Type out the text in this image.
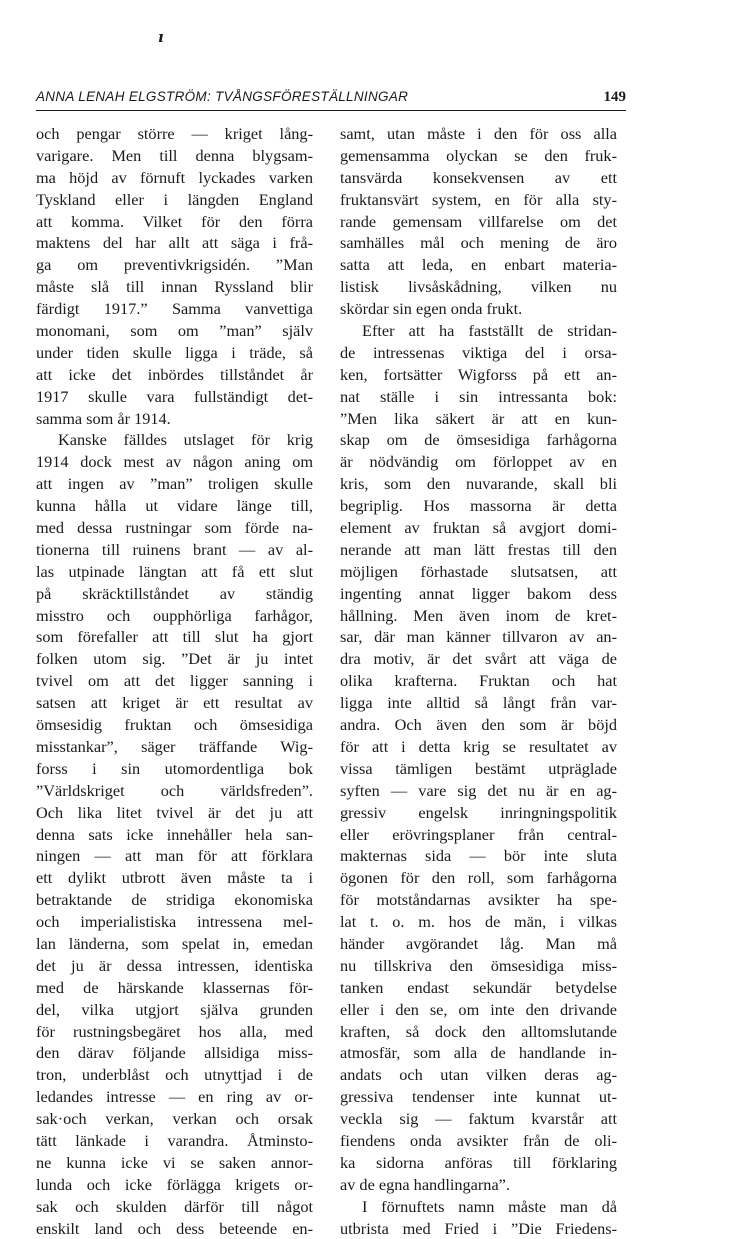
ı
ANNA LENAH ELGSTRÖM: TVÅNGSFÖRESTÄLLNINGAR	149
och pengar större — kriget lång-
varigare. Men till denna blygsam-
ma höjd av förnuft lyckades varken
Tyskland eller i längden England
att komma. Vilket för den förra
maktens del har allt att säga i frå-
ga om preventivkrigsidén. ”Man
måste slå till innan Ryssland blir
färdigt 1917.” Samma vanvettiga
monomani, som om ”man” själv
under tiden skulle ligga i träde, så
att icke det inbördes tillståndet år
1917 skulle vara fullständigt det-
samma som år 1914.
Kanske fälldes utslaget för krig
1914 dock mest av någon aning om
att ingen av ”man” troligen skulle
kunna hålla ut vidare länge till,
med dessa rustningar som förde na-
tionerna till ruinens brant — av al-
las utpinade längtan att få ett slut
på skräcktillståndet av ständig
misstro och oupphörliga farhågor,
som förefaller att till slut ha gjort
folken utom sig. ”Det är ju intet
tvivel om att det ligger sanning i
satsen att kriget är ett resultat av
ömsesidig fruktan och ömsesidiga
misstankar”, säger träffande Wig-
forss i sin utomordentliga bok
”Världskriget och världsfreden”.
Och lika litet tvivel är det ju att
denna sats icke innehåller hela san-
ningen — att man för att förklara
ett dylikt utbrott även måste ta i
betraktande de stridiga ekonomiska
och imperialistiska intressena mel-
lan länderna, som spelat in, emedan
det ju är dessa intressen, identiska
med de härskande klassernas för-
del, vilka utgjort själva grunden
för rustningsbegäret hos alla, med
den därav följande allsidiga miss-
tron, underblåst och utnyttjad i de
ledandes intresse — en ring av or-
sak·och verkan, verkan och orsak
tätt länkade i varandra. Åtminsto-
ne kunna icke vi se saken annor-
lunda och icke förlägga krigets or-
sak och skulden därför till något
enskilt land och dess beteende en-
samt, utan måste i den för oss alla
gemensamma olyckan se den fruk-
tansvärda konsekvensen av ett
fruktansvärt system, en för alla sty-
rande gemensam villfarelse om det
samhälles mål och mening de äro
satta att leda, en enbart materia-
listisk livsåskådning, vilken nu
skördar sin egen onda frukt.
Efter att ha fastställt de stridan-
de intressenas viktiga del i orsa-
ken, fortsätter Wigforss på ett an-
nat ställe i sin intressanta bok:
”Men lika säkert är att en kun-
skap om de ömsesidiga farhågorna
är nödvändig om förloppet av en
kris, som den nuvarande, skall bli
begriplig. Hos massorna är detta
element av fruktan så avgjort domi-
nerande att man lätt frestas till den
möjligen förhastade slutsatsen, att
ingenting annat ligger bakom dess
hållning. Men även inom de kret-
sar, där man känner tillvaron av an-
dra motiv, är det svårt att väga de
olika krafterna. Fruktan och hat
ligga inte alltid så långt från var-
andra. Och även den som är böjd
för att i detta krig se resultatet av
vissa tämligen bestämt utpräglade
syften — vare sig det nu är en ag-
gressiv engelsk inringningspolitik
eller erövringsplaner från central-
makternas sida — bör inte sluta
ögonen för den roll, som farhågorna
för motståndarnas avsikter ha spe-
lat t. o. m. hos de män, i vilkas
händer avgörandet låg. Man må
nu tillskriva den ömsesidiga miss-
tanken endast sekundär betydelse
eller i den se, om inte den drivande
kraften, så dock den alltomslutande
atmosfär, som alla de handlande in-
andats och utan vilken deras ag-
gressiva tendenser inte kunnat ut-
veckla sig — faktum kvarstår att
fiendens onda avsikter från de oli-
ka sidorna anföras till förklaring
av de egna handlingarna”.
I förnuftets namn måste man då
utbrista med Fried i ”Die Friedens-
